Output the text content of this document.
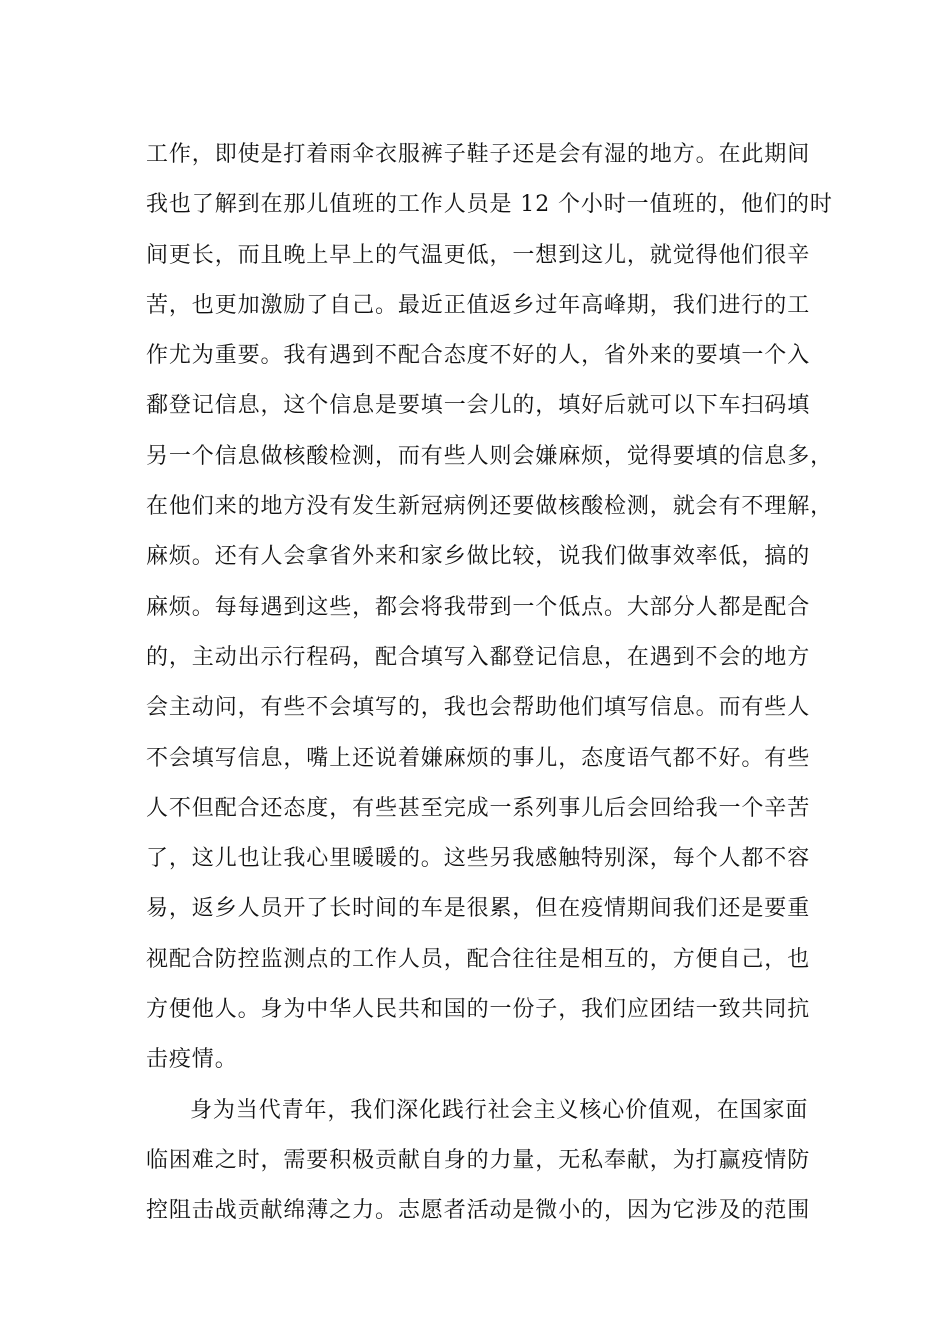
工作，即使是打着雨伞衣服裤子鞋子还是会有湿的地方。在此期间
我也了解到在那儿值班的工作人员是 12 个小时一值班的，他们的时
间更长，而且晚上早上的气温更低，一想到这儿，就觉得他们很辛
苦，也更加激励了自己。最近正值返乡过年高峰期，我们进行的工
作尤为重要。我有遇到不配合态度不好的人，省外来的要填一个入
鄱登记信息，这个信息是要填一会儿的，填好后就可以下车扫码填
另一个信息做核酸检测，而有些人则会嫌麻烦，觉得要填的信息多，
在他们来的地方没有发生新冠病例还要做核酸检测，就会有不理解，
麻烦。还有人会拿省外来和家乡做比较，说我们做事效率低，搞的
麻烦。每每遇到这些，都会将我带到一个低点。大部分人都是配合
的，主动出示行程码，配合填写入鄱登记信息，在遇到不会的地方
会主动问，有些不会填写的，我也会帮助他们填写信息。而有些人
不会填写信息，嘴上还说着嫌麻烦的事儿，态度语气都不好。有些
人不但配合还态度，有些甚至完成一系列事儿后会回给我一个辛苦
了，这儿也让我心里暖暖的。这些另我感触特别深，每个人都不容
易，返乡人员开了长时间的车是很累，但在疫情期间我们还是要重
视配合防控监测点的工作人员，配合往往是相互的，方便自己，也
方便他人。身为中华人民共和国的一份子，我们应团结一致共同抗
击疫情。
身为当代青年，我们深化践行社会主义核心价值观，在国家面
临困难之时，需要积极贡献自身的力量，无私奉献，为打赢疫情防
控阻击战贡献绵薄之力。志愿者活动是微小的，因为它涉及的范围
